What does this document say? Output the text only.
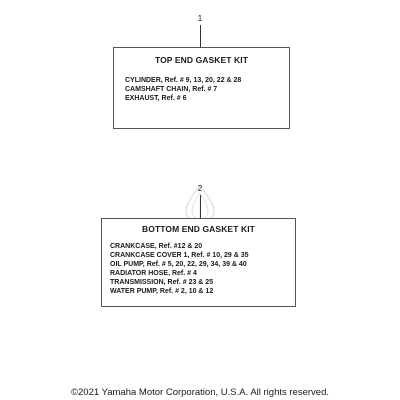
1
TOP END GASKET KIT
CYLINDER, Ref. # 9, 13, 20, 22 & 28
CAMSHAFT CHAIN, Ref. # 7
EXHAUST, Ref. # 6
2
BOTTOM END GASKET KIT
CRANKCASE, Ref. #12 & 20
CRANKCASE COVER 1, Ref. # 10, 29 & 35
OIL PUMP, Ref. # 5, 20, 22, 29, 34, 39 & 40
RADIATOR HOSE, Ref. # 4
TRANSMISSION, Ref. # 23 & 25
WATER PUMP, Ref. # 2, 10 & 12
©2021 Yamaha Motor Corporation, U.S.A. All rights reserved.
